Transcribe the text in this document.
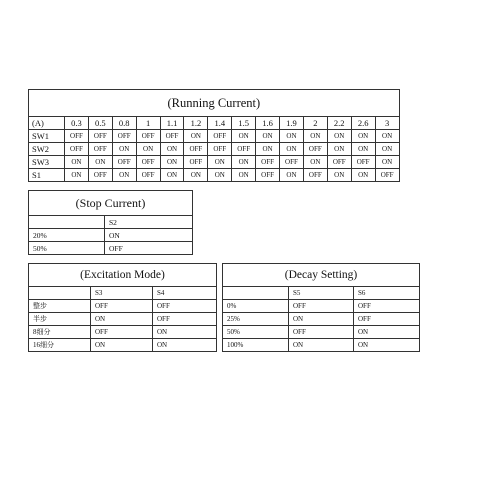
(Running Current)														
(A)	0.3	0.5	0.8	1	1.1	1.2	1.4	1.5	1.6	1.9	2	2.2	2.6	3
SW1	OFF	OFF	OFF	OFF	OFF	ON	OFF	ON	ON	ON	ON	ON	ON	ON
SW2	OFF	OFF	ON	ON	ON	OFF	OFF	OFF	ON	ON	OFF	ON	ON	ON
SW3	ON	ON	OFF	OFF	ON	OFF	ON	ON	OFF	OFF	ON	OFF	OFF	ON
S1	ON	OFF	ON	OFF	ON	ON	ON	ON	OFF	ON	OFF	ON	ON	OFF
(Stop Current)	
	S2
20%	ON
50%	OFF
(Excitation Mode)		
	S3	S4
整步	OFF	OFF
半步	ON	OFF
8细分	OFF	ON
16细分	ON	ON
(Decay Setting)		
	S5	S6
0%	OFF	OFF
25%	ON	OFF
50%	OFF	ON
100%	ON	ON
